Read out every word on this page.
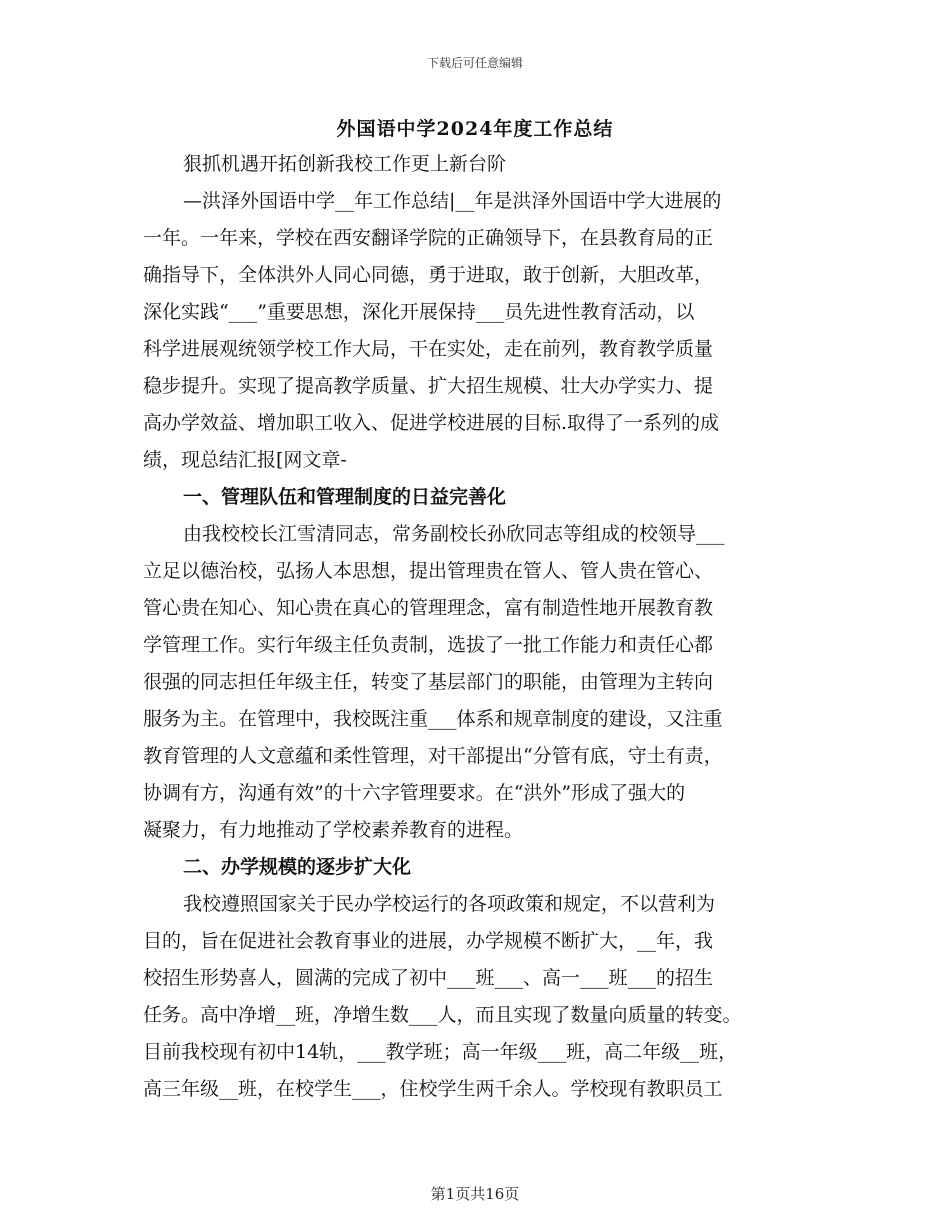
下载后可任意编辑
外国语中学2024年度工作总结
狠抓机遇开拓创新我校工作更上新台阶
—洪泽外国语中学__年工作总结|__年是洪泽外国语中学大进展的
一年。一年来，学校在西安翻译学院的正确领导下，在县教育局的正
确指导下，全体洪外人同心同德，勇于进取，敢于创新，大胆改革，
深化实践“___”重要思想，深化开展保持___员先进性教育活动，以
科学进展观统领学校工作大局，干在实处，走在前列，教育教学质量
稳步提升。实现了提高教学质量、扩大招生规模、壮大办学实力、提
高办学效益、增加职工收入、促进学校进展的目标.取得了一系列的成
绩，现总结汇报[网文章-
一、管理队伍和管理制度的日益完善化
由我校校长江雪清同志，常务副校长孙欣同志等组成的校领导___
立足以德治校，弘扬人本思想，提出管理贵在管人、管人贵在管心、
管心贵在知心、知心贵在真心的管理理念，富有制造性地开展教育教
学管理工作。实行年级主任负责制，选拔了一批工作能力和责任心都
很强的同志担任年级主任，转变了基层部门的职能，由管理为主转向
服务为主。在管理中，我校既注重___体系和规章制度的建设，又注重
教育管理的人文意蕴和柔性管理，对干部提出“分管有底，守土有责，
协调有方，沟通有效”的十六字管理要求。在“洪外”形成了强大的
凝聚力，有力地推动了学校素养教育的进程。
二、办学规模的逐步扩大化
我校遵照国家关于民办学校运行的各项政策和规定，不以营利为
目的，旨在促进社会教育事业的进展，办学规模不断扩大，__年，我
校招生形势喜人，圆满的完成了初中___班___、高一___班___的招生
任务。高中净增__班，净增生数___人，而且实现了数量向质量的转变。
目前我校现有初中14轨，___教学班；高一年级___班，高二年级__班，
高三年级__班，在校学生___，住校学生两千余人。学校现有教职员工
第1页共16页
